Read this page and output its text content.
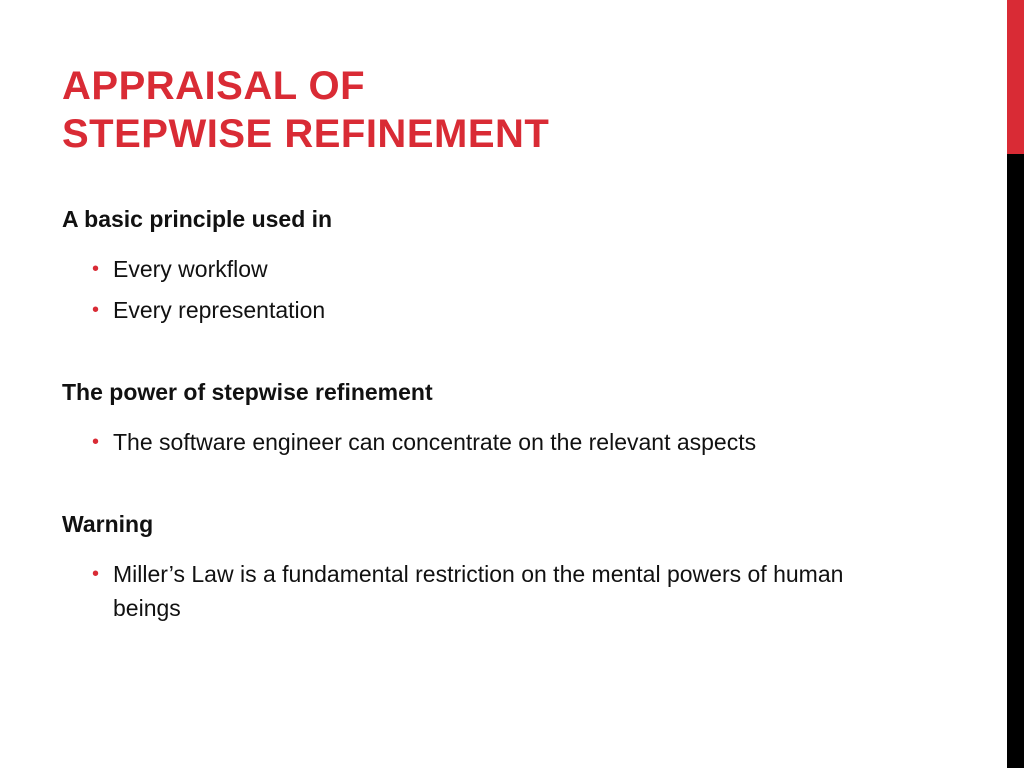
APPRAISAL OF
STEPWISE REFINEMENT

A basic principle used in

• Every workflow
• Every representation

The power of stepwise refinement

• The software engineer can concentrate on the relevant aspects

Warning

• Miller’s Law is a fundamental restriction on the mental powers of human beings
